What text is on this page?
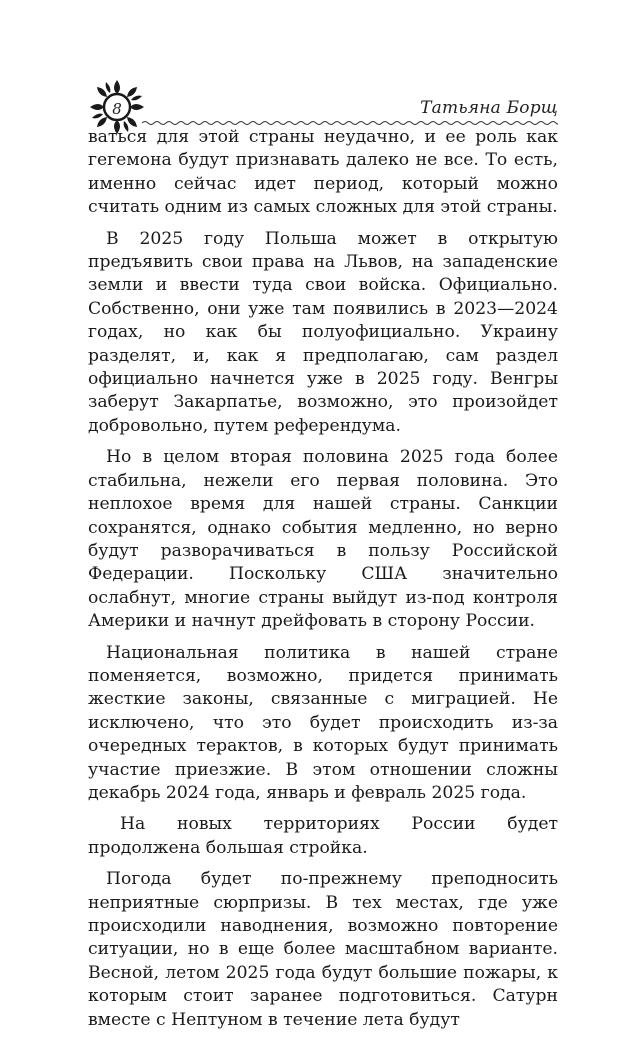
8	Татьяна Борщ

ваться для этой страны неудачно, и ее роль как гегемона будут признавать далеко не все. То есть, именно сейчас идет период, который можно считать одним из самых сложных для этой страны.

В 2025 году Польша может в открытую предъявить свои права на Львов, на западенские земли и ввести туда свои войска. Официально. Собственно, они уже там появились в 2023—2024 годах, но как бы полуофициально. Украину разделят, и, как я предполагаю, сам раздел официально начнется уже в 2025 году. Венгры заберут Закарпатье, возможно, это произойдет добровольно, путем референдума.

Но в целом вторая половина 2025 года более стабильна, нежели его первая половина. Это неплохое время для нашей страны. Санкции сохранятся, однако события медленно, но верно будут разворачиваться в пользу Российской Федерации. Поскольку США значительно ослабнут, многие страны выйдут из-под контроля Америки и начнут дрейфовать в сторону России.

Национальная политика в нашей стране поменяется, возможно, придется принимать жесткие законы, связанные с миграцией. Не исключено, что это будет происходить из-за очередных терактов, в которых будут принимать участие приезжие. В этом отношении сложны декабрь 2024 года, январь и февраль 2025 года.

На новых территориях России будет продолжена большая стройка.

Погода будет по-прежнему преподносить неприятные сюрпризы. В тех местах, где уже происходили наводнения, возможно повторение ситуации, но в еще более масштабном варианте. Весной, летом 2025 года будут большие пожары, к которым стоит заранее подготовиться. Сатурн вместе с Нептуном в течение лета будут
